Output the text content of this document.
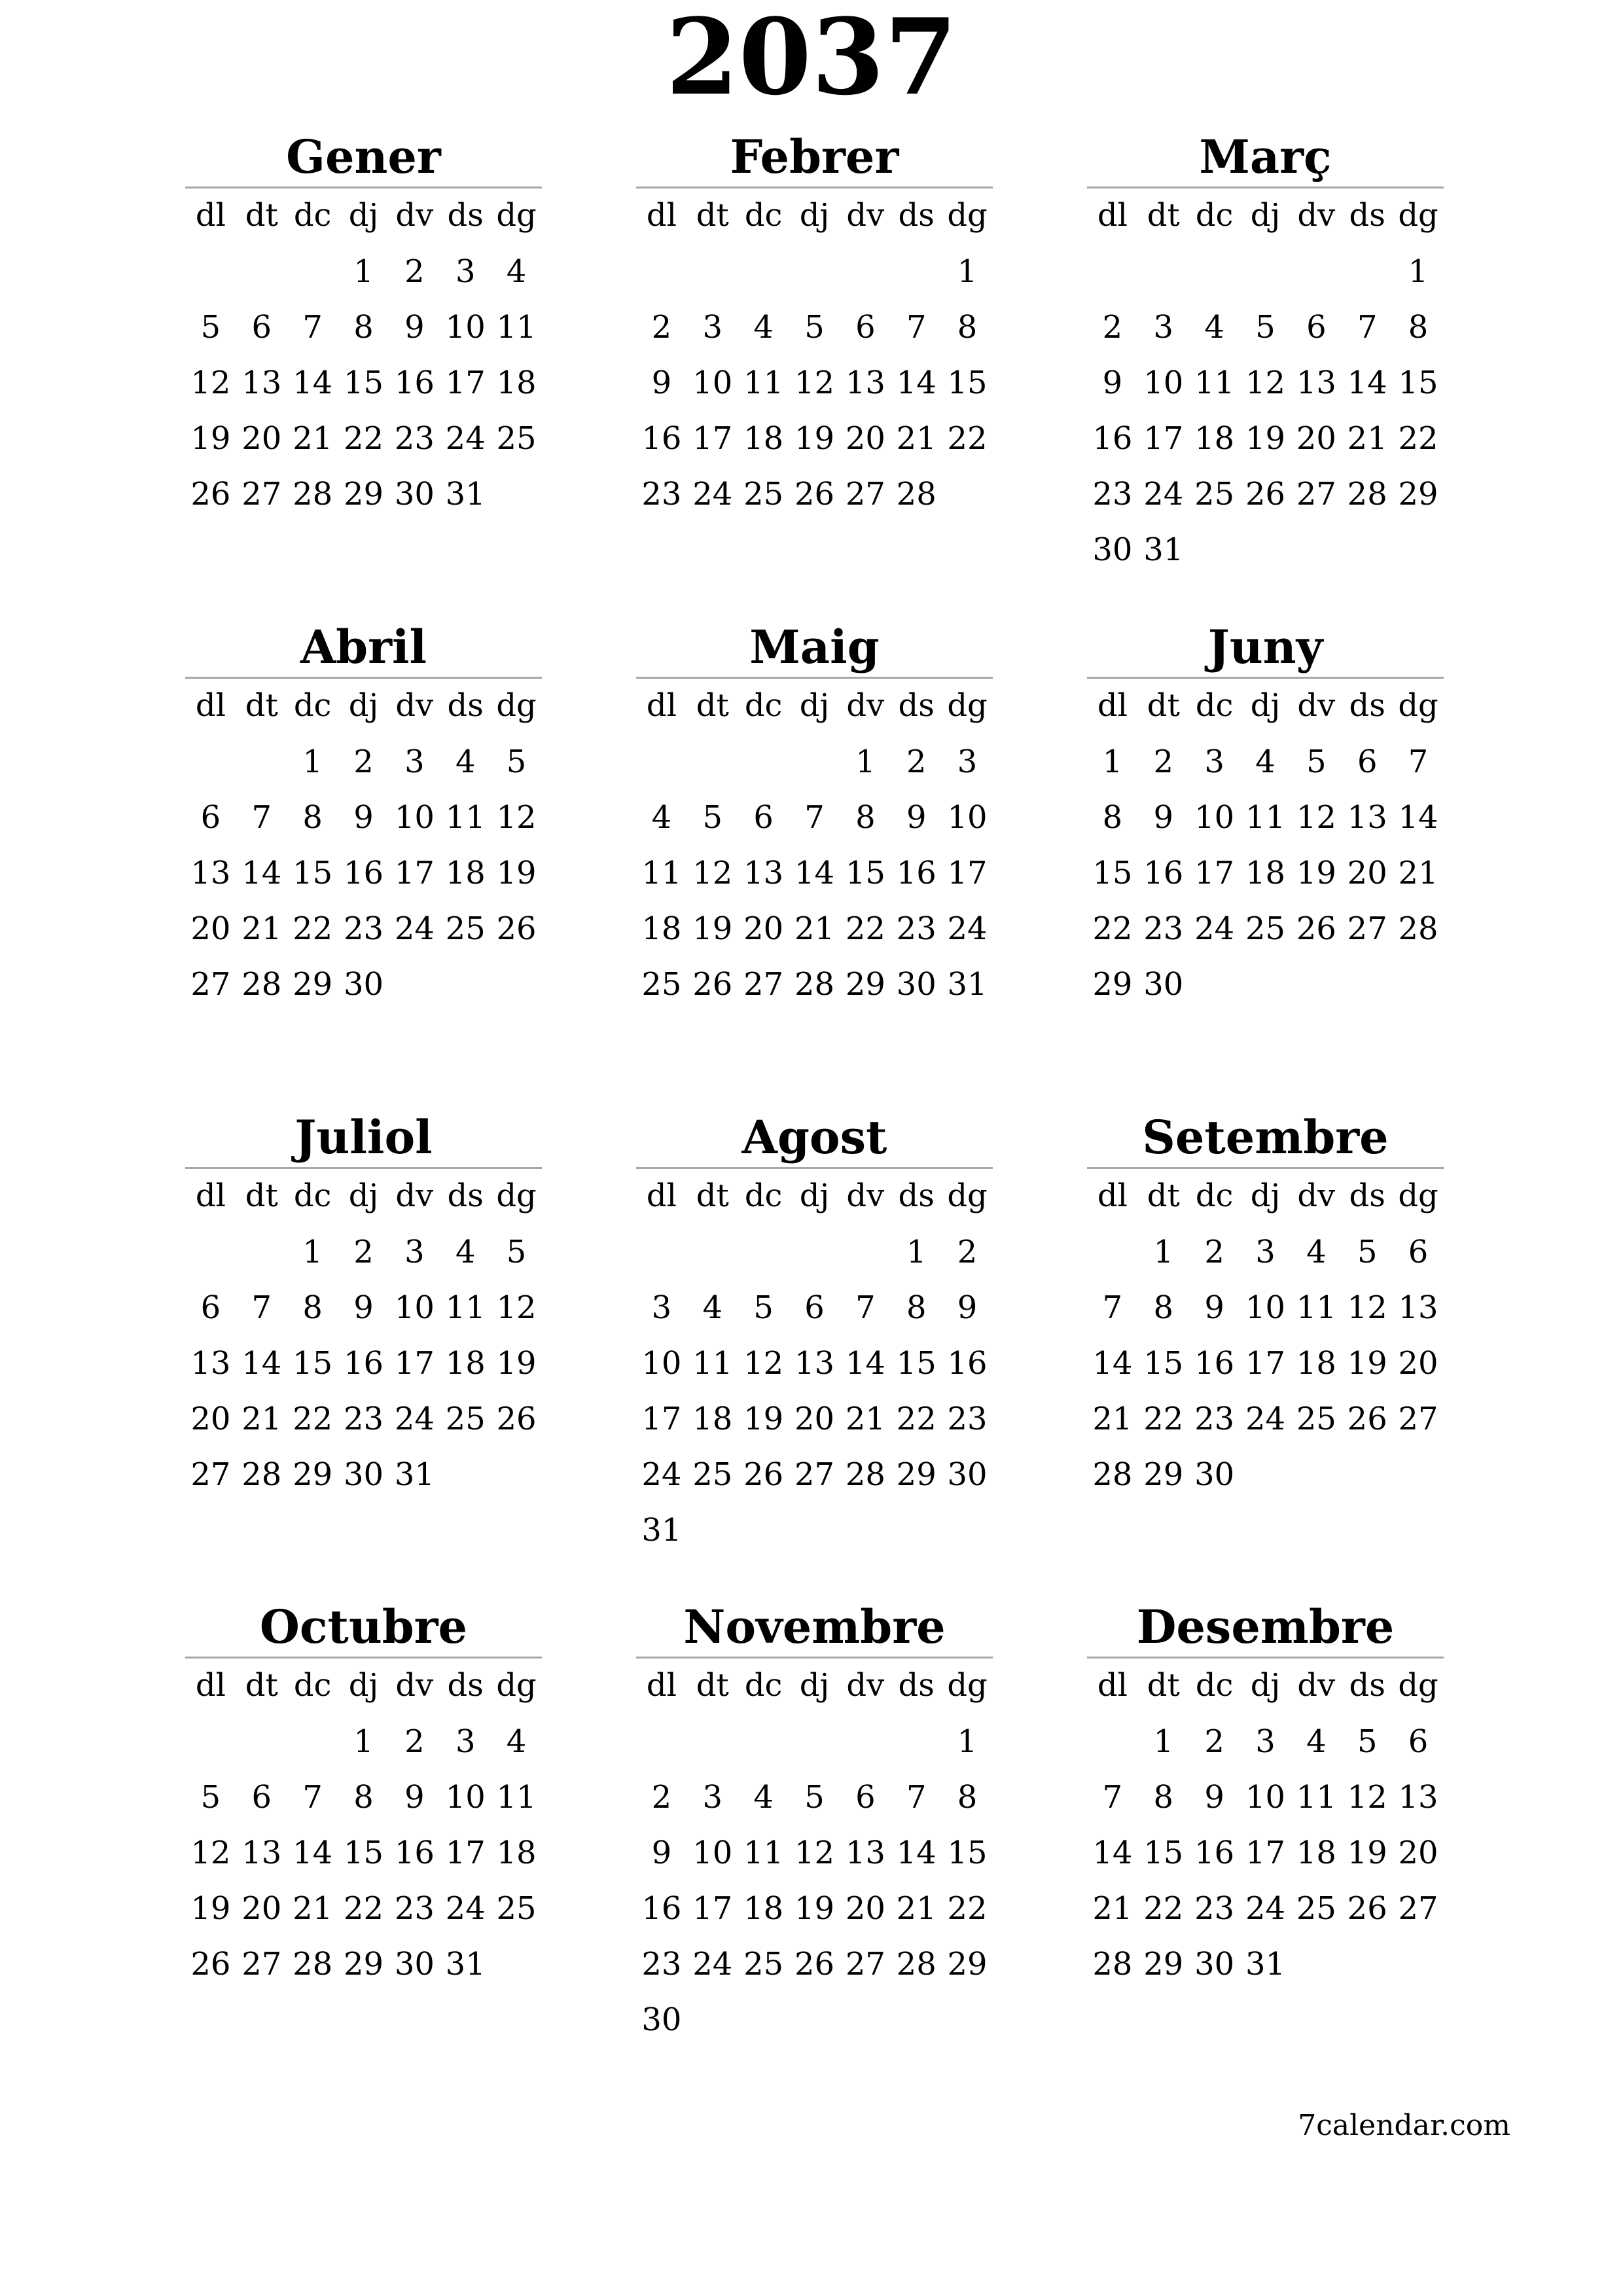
2037
Gener
dl dt dc dj dv ds dg
1 2 3 4
5 6 7 8 9 10 11
12 13 14 15 16 17 18
19 20 21 22 23 24 25
26 27 28 29 30 31
Febrer
dl dt dc dj dv ds dg
1
2 3 4 5 6 7 8
9 10 11 12 13 14 15
16 17 18 19 20 21 22
23 24 25 26 27 28
Març
dl dt dc dj dv ds dg
1
2 3 4 5 6 7 8
9 10 11 12 13 14 15
16 17 18 19 20 21 22
23 24 25 26 27 28 29
30 31
Abril
dl dt dc dj dv ds dg
1 2 3 4 5
6 7 8 9 10 11 12
13 14 15 16 17 18 19
20 21 22 23 24 25 26
27 28 29 30
Maig
dl dt dc dj dv ds dg
1 2 3
4 5 6 7 8 9 10
11 12 13 14 15 16 17
18 19 20 21 22 23 24
25 26 27 28 29 30 31
Juny
dl dt dc dj dv ds dg
1 2 3 4 5 6 7
8 9 10 11 12 13 14
15 16 17 18 19 20 21
22 23 24 25 26 27 28
29 30
Juliol
dl dt dc dj dv ds dg
1 2 3 4 5
6 7 8 9 10 11 12
13 14 15 16 17 18 19
20 21 22 23 24 25 26
27 28 29 30 31
Agost
dl dt dc dj dv ds dg
1 2
3 4 5 6 7 8 9
10 11 12 13 14 15 16
17 18 19 20 21 22 23
24 25 26 27 28 29 30
31
Setembre
dl dt dc dj dv ds dg
1 2 3 4 5 6
7 8 9 10 11 12 13
14 15 16 17 18 19 20
21 22 23 24 25 26 27
28 29 30
Octubre
dl dt dc dj dv ds dg
1 2 3 4
5 6 7 8 9 10 11
12 13 14 15 16 17 18
19 20 21 22 23 24 25
26 27 28 29 30 31
Novembre
dl dt dc dj dv ds dg
1
2 3 4 5 6 7 8
9 10 11 12 13 14 15
16 17 18 19 20 21 22
23 24 25 26 27 28 29
30
Desembre
dl dt dc dj dv ds dg
1 2 3 4 5 6
7 8 9 10 11 12 13
14 15 16 17 18 19 20
21 22 23 24 25 26 27
28 29 30 31
7calendar.com
